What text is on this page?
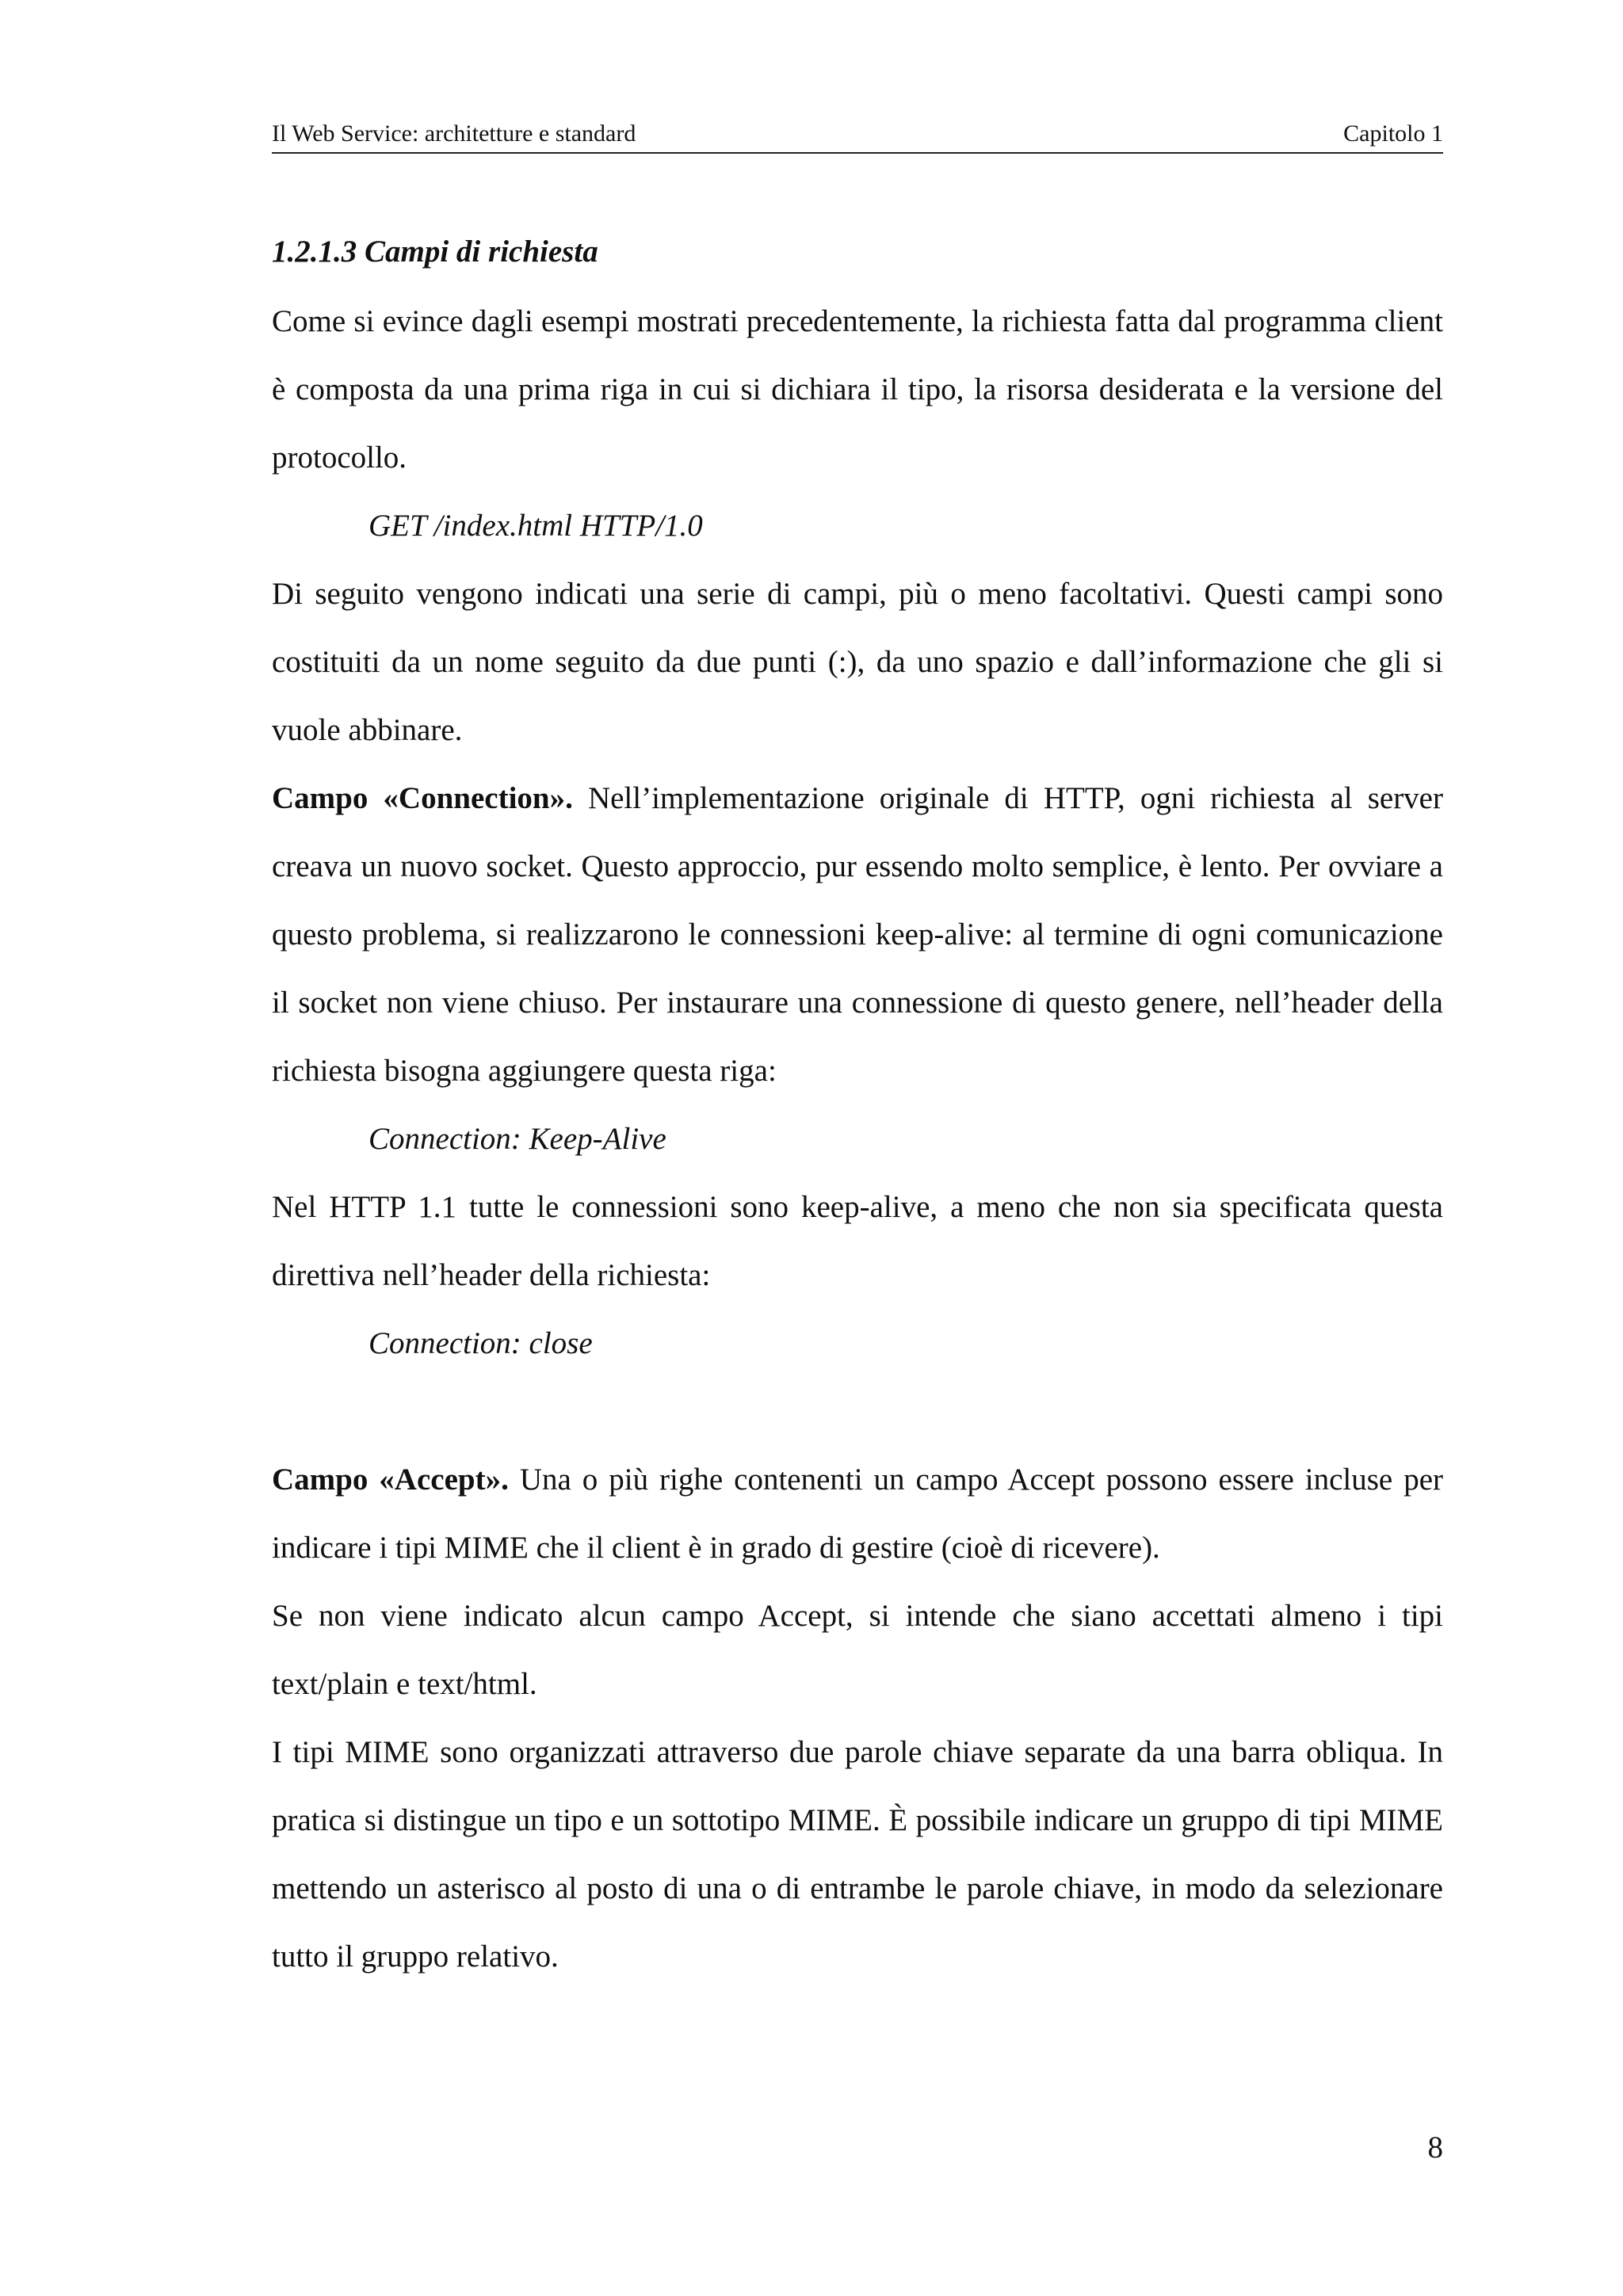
Il Web Service: architetture e standard	Capitolo 1
1.2.1.3 Campi di richiesta

Come si evince dagli esempi mostrati precedentemente, la richiesta fatta dal programma client è composta da una prima riga in cui si dichiara il tipo, la risorsa desiderata e la versione del protocollo.

GET /index.html HTTP/1.0

Di seguito vengono indicati una serie di campi, più o meno facoltativi. Questi campi sono costituiti da un nome seguito da due punti (:), da uno spazio e dall’informazione che gli si vuole abbinare.

Campo «Connection». Nell’implementazione originale di HTTP, ogni richiesta al server creava un nuovo socket. Questo approccio, pur essendo molto semplice, è lento. Per ovviare a questo problema, si realizzarono le connessioni keep-alive: al termine di ogni comunicazione il socket non viene chiuso. Per instaurare una connessione di questo genere, nell’header della richiesta bisogna aggiungere questa riga:

Connection: Keep-Alive

Nel HTTP 1.1 tutte le connessioni sono keep-alive, a meno che non sia specificata questa direttiva nell’header della richiesta:

Connection: close

Campo «Accept». Una o più righe contenenti un campo Accept possono essere incluse per indicare i tipi MIME che il client è in grado di gestire (cioè di ricevere).

Se non viene indicato alcun campo Accept, si intende che siano accettati almeno i tipi text/plain e text/html.

I tipi MIME sono organizzati attraverso due parole chiave separate da una barra obliqua. In pratica si distingue un tipo e un sottotipo MIME. È possibile indicare un gruppo di tipi MIME mettendo un asterisco al posto di una o di entrambe le parole chiave, in modo da selezionare tutto il gruppo relativo.

8
